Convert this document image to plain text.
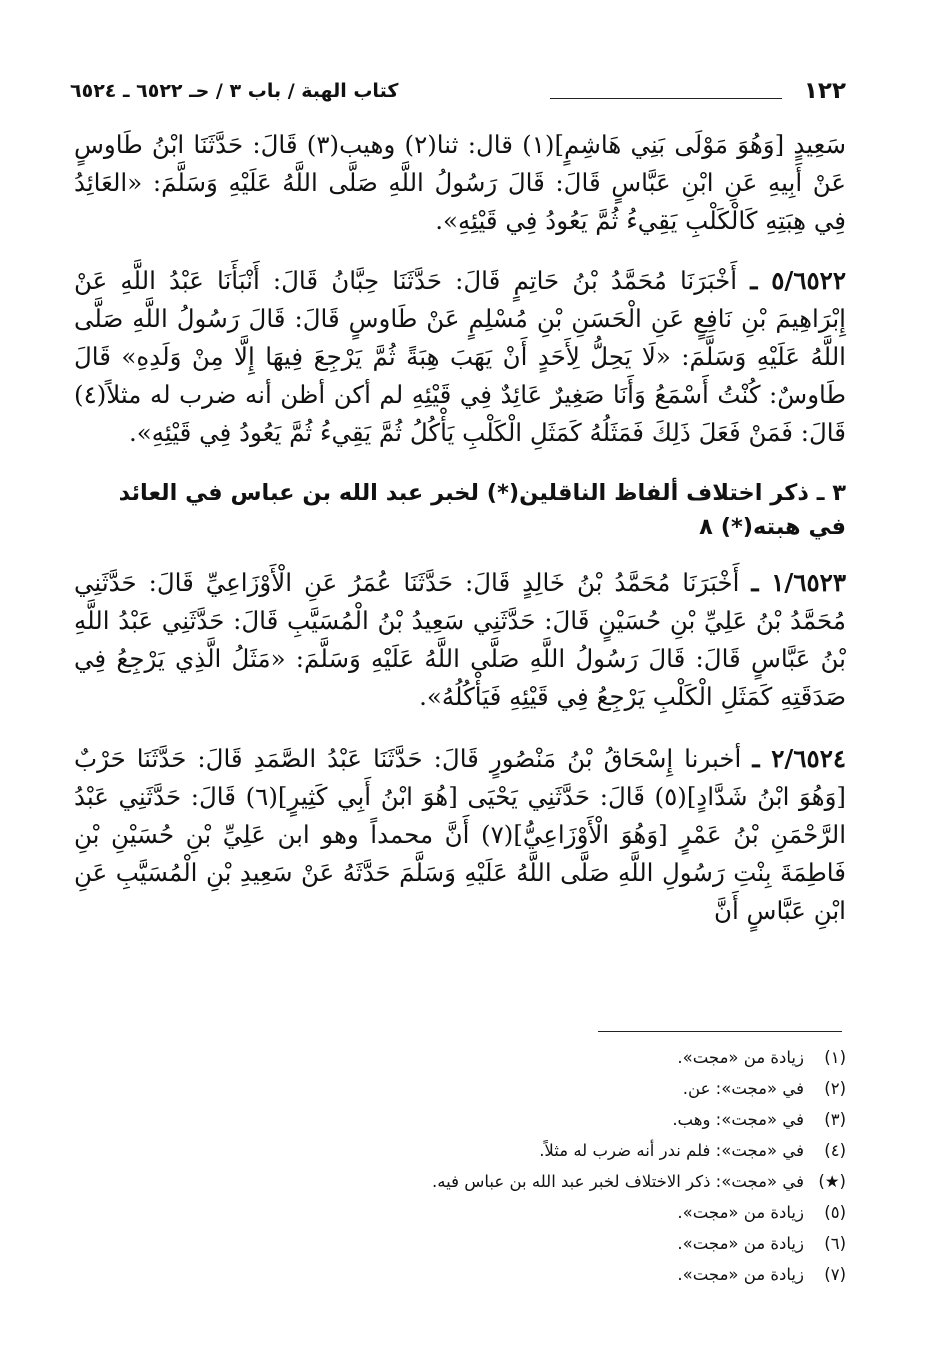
١٢٢
كتاب الهبة / باب ٣ / حـ ٦٥٢٢ ـ ٦٥٢٤

سَعِيدٍ [وَهُوَ مَوْلَى بَنِي هَاشِمٍ](١) قال: ثنا(٢) وهيب(٣) قَالَ: حَدَّثَنَا ابْنُ طَاوسٍ عَنْ أَبِيهِ عَنِ ابْنِ عَبَّاسٍ قَالَ: قَالَ رَسُولُ اللَّهِ صَلَّى اللَّهُ عَلَيْهِ وَسَلَّمَ: «العَائِدُ فِي هِبَتِهِ كَالْكَلْبِ يَقِيءُ ثُمَّ يَعُودُ فِي قَيْئِهِ».

٥/٦٥٢٢ ـ أَخْبَرَنَا مُحَمَّدُ بْنُ حَاتِمٍ قَالَ: حَدَّثَنَا حِبَّانُ قَالَ: أَنْبَأَنَا عَبْدُ اللَّهِ عَنْ إِبْرَاهِيمَ بْنِ نَافِعٍ عَنِ الْحَسَنِ بْنِ مُسْلِمٍ عَنْ طَاوسٍ قَالَ: قَالَ رَسُولُ اللَّهِ صَلَّى اللَّهُ عَلَيْهِ وَسَلَّمَ: «لَا يَحِلُّ لِأَحَدٍ أَنْ يَهَبَ هِبَةً ثُمَّ يَرْجِعَ فِيهَا إِلَّا مِنْ وَلَدِهِ» قَالَ طَاوسٌ: كُنْتُ أَسْمَعُ وَأَنَا صَغِيرٌ عَائِدٌ فِي قَيْئِهِ لم أكن أظن أنه ضرب له مثلاً(٤) قَالَ: فَمَنْ فَعَلَ ذَلِكَ فَمَثَلُهُ كَمَثَلِ الْكَلْبِ يَأْكُلُ ثُمَّ يَقِيءُ ثُمَّ يَعُودُ فِي قَيْئِهِ».

٣ ـ ذكر اختلاف ألفاظ الناقلين(*) لخبر عبد الله بن عباس في العائد في هبته(*) ٨

١/٦٥٢٣ ـ أَخْبَرَنَا مُحَمَّدُ بْنُ خَالِدٍ قَالَ: حَدَّثَنَا عُمَرُ عَنِ الْأَوْزَاعِيِّ قَالَ: حَدَّثَنِي مُحَمَّدُ بْنُ عَلِيِّ بْنِ حُسَيْنٍ قَالَ: حَدَّثَنِي سَعِيدُ بْنُ الْمُسَيَّبِ قَالَ: حَدَّثَنِي عَبْدُ اللَّهِ بْنُ عَبَّاسٍ قَالَ: قَالَ رَسُولُ اللَّهِ صَلَّى اللَّهُ عَلَيْهِ وَسَلَّمَ: «مَثَلُ الَّذِي يَرْجِعُ فِي صَدَقَتِهِ كَمَثَلِ الْكَلْبِ يَرْجِعُ فِي قَيْئِهِ فَيَأْكُلُهُ».

٢/٦٥٢٤ ـ أخبرنا إِسْحَاقُ بْنُ مَنْصُورٍ قَالَ: حَدَّثَنَا عَبْدُ الصَّمَدِ قَالَ: حَدَّثَنَا حَرْبٌ [وَهُوَ ابْنُ شَدَّادٍ](٥) قَالَ: حَدَّثَنِي يَحْيَى [هُوَ ابْنُ أَبِي كَثِيرٍ](٦) قَالَ: حَدَّثَنِي عَبْدُ الرَّحْمَنِ بْنُ عَمْرٍ [وَهُوَ الْأَوْزَاعِيُّ](٧) أَنَّ محمداً وهو ابن عَلِيِّ بْنِ حُسَيْنِ بْنِ فَاطِمَةَ بِنْتِ رَسُولِ اللَّهِ صَلَّى اللَّهُ عَلَيْهِ وَسَلَّمَ حَدَّثَهُ عَنْ سَعِيدِ بْنِ الْمُسَيَّبِ عَنِ ابْنِ عَبَّاسٍ أَنَّ

(١)زيادة من «مجت».
(٢)في «مجت»: عن.
(٣)في «مجت»: وهب.
(٤)في «مجت»: فلم ندر أنه ضرب له مثلاً.
(★)في «مجت»: ذكر الاختلاف لخبر عبد الله بن عباس فيه.
(٥)زيادة من «مجت».
(٦)زيادة من «مجت».
(٧)زيادة من «مجت».
